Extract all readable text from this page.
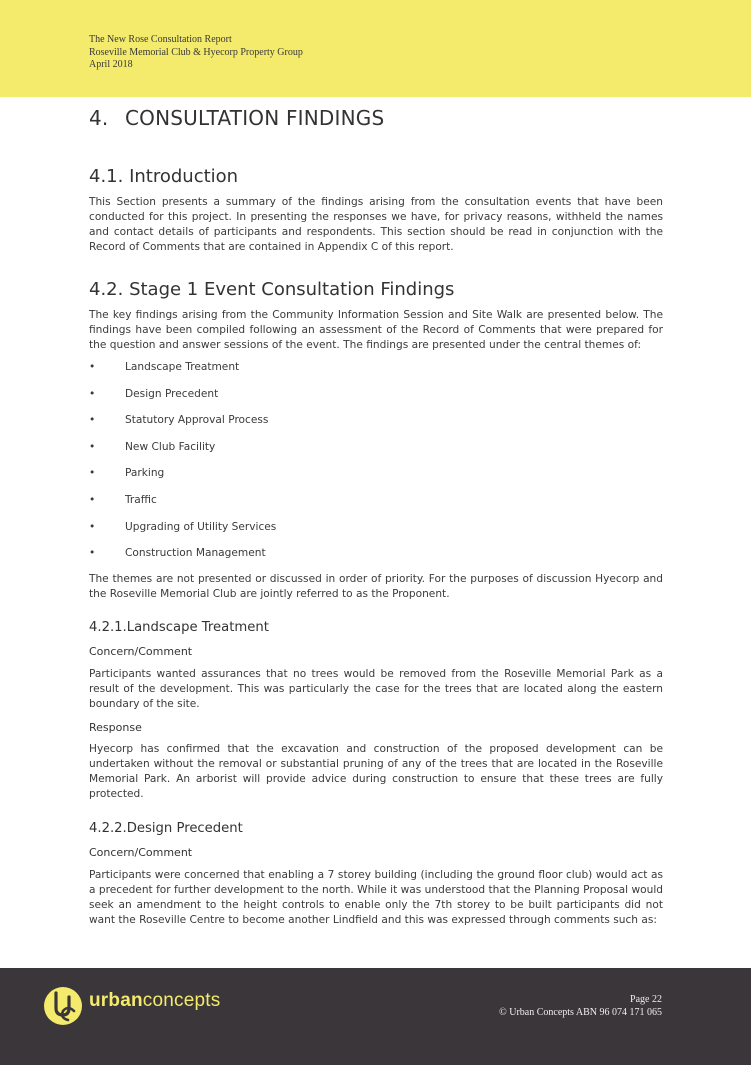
The New Rose Consultation Report
Roseville Memorial Club & Hyecorp Property Group
April 2018
4. CONSULTATION FINDINGS
4.1. Introduction

This Section presents a summary of the findings arising from the consultation events that have been conducted for this project. In presenting the responses we have, for privacy reasons, withheld the names and contact details of participants and respondents. This section should be read in conjunction with the Record of Comments that are contained in Appendix C of this report.

4.2. Stage 1 Event Consultation Findings

The key findings arising from the Community Information Session and Site Walk are presented below. The findings have been compiled following an assessment of the Record of Comments that were prepared for the question and answer sessions of the event. The findings are presented under the central themes of:

•	Landscape Treatment
•	Design Precedent
•	Statutory Approval Process
•	New Club Facility
•	Parking
•	Traffic
•	Upgrading of Utility Services
•	Construction Management

The themes are not presented or discussed in order of priority. For the purposes of discussion Hyecorp and the Roseville Memorial Club are jointly referred to as the Proponent.

4.2.1.Landscape Treatment
Concern/Comment

Participants wanted assurances that no trees would be removed from the Roseville Memorial Park as a result of the development. This was particularly the case for the trees that are located along the eastern boundary of the site.

Response

Hyecorp has confirmed that the excavation and construction of the proposed development can be undertaken without the removal or substantial pruning of any of the trees that are located in the Roseville Memorial Park. An arborist will provide advice during construction to ensure that these trees are fully protected.

4.2.2.Design Precedent
Concern/Comment

Participants were concerned that enabling a 7 storey building (including the ground floor club) would act as a precedent for further development to the north. While it was understood that the Planning Proposal would seek an amendment to the height controls to enable only the 7th storey to be built participants did not want the Roseville Centre to become another Lindfield and this was expressed through comments such as:

urbanconcepts	Page 22
© Urban Concepts ABN 96 074 171 065
